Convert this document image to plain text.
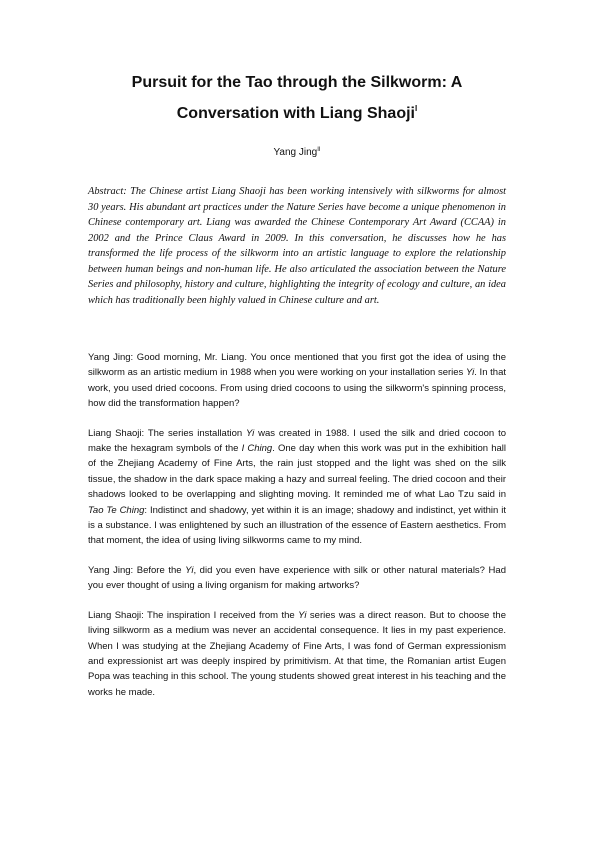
Pursuit for the Tao through the Silkworm: A
Conversation with Liang Shaoji$^I$
Yang Jing$^{II}$

Abstract: The Chinese artist Liang Shaoji has been working intensively with silkworms for almost 30 years. His abundant art practices under the Nature Series have become a unique phenomenon in Chinese contemporary art. Liang was awarded the Chinese Contemporary Art Award (CCAA) in 2002 and the Prince Claus Award in 2009. In this conversation, he discusses how he has transformed the life process of the silkworm into an artistic language to explore the relationship between human beings and non-human life. He also articulated the association between the Nature Series and philosophy, history and culture, highlighting the integrity of ecology and culture, an idea which has traditionally been highly valued in Chinese culture and art.

Yang Jing: Good morning, Mr. Liang. You once mentioned that you first got the idea of using the silkworm as an artistic medium in 1988 when you were working on your installation series Yi. In that work, you used dried cocoons. From using dried cocoons to using the silkworm's spinning process, how did the transformation happen?

Liang Shaoji: The series installation Yi was created in 1988. I used the silk and dried cocoon to make the hexagram symbols of the I Ching. One day when this work was put in the exhibition hall of the Zhejiang Academy of Fine Arts, the rain just stopped and the light was shed on the silk tissue, the shadow in the dark space making a hazy and surreal feeling. The dried cocoon and their shadows looked to be overlapping and slighting moving. It reminded me of what Lao Tzu said in Tao Te Ching: Indistinct and shadowy, yet within it is an image; shadowy and indistinct, yet within it is a substance. I was enlightened by such an illustration of the essence of Eastern aesthetics. From that moment, the idea of using living silkworms came to my mind.

Yang Jing: Before the Yi, did you even have experience with silk or other natural materials? Had you ever thought of using a living organism for making artworks?

Liang Shaoji: The inspiration I received from the Yi series was a direct reason. But to choose the living silkworm as a medium was never an accidental consequence. It lies in my past experience. When I was studying at the Zhejiang Academy of Fine Arts, I was fond of German expressionism and expressionist art was deeply inspired by primitivism. At that time, the Romanian artist Eugen Popa was teaching in this school. The young students showed great interest in his teaching and the works he made.
